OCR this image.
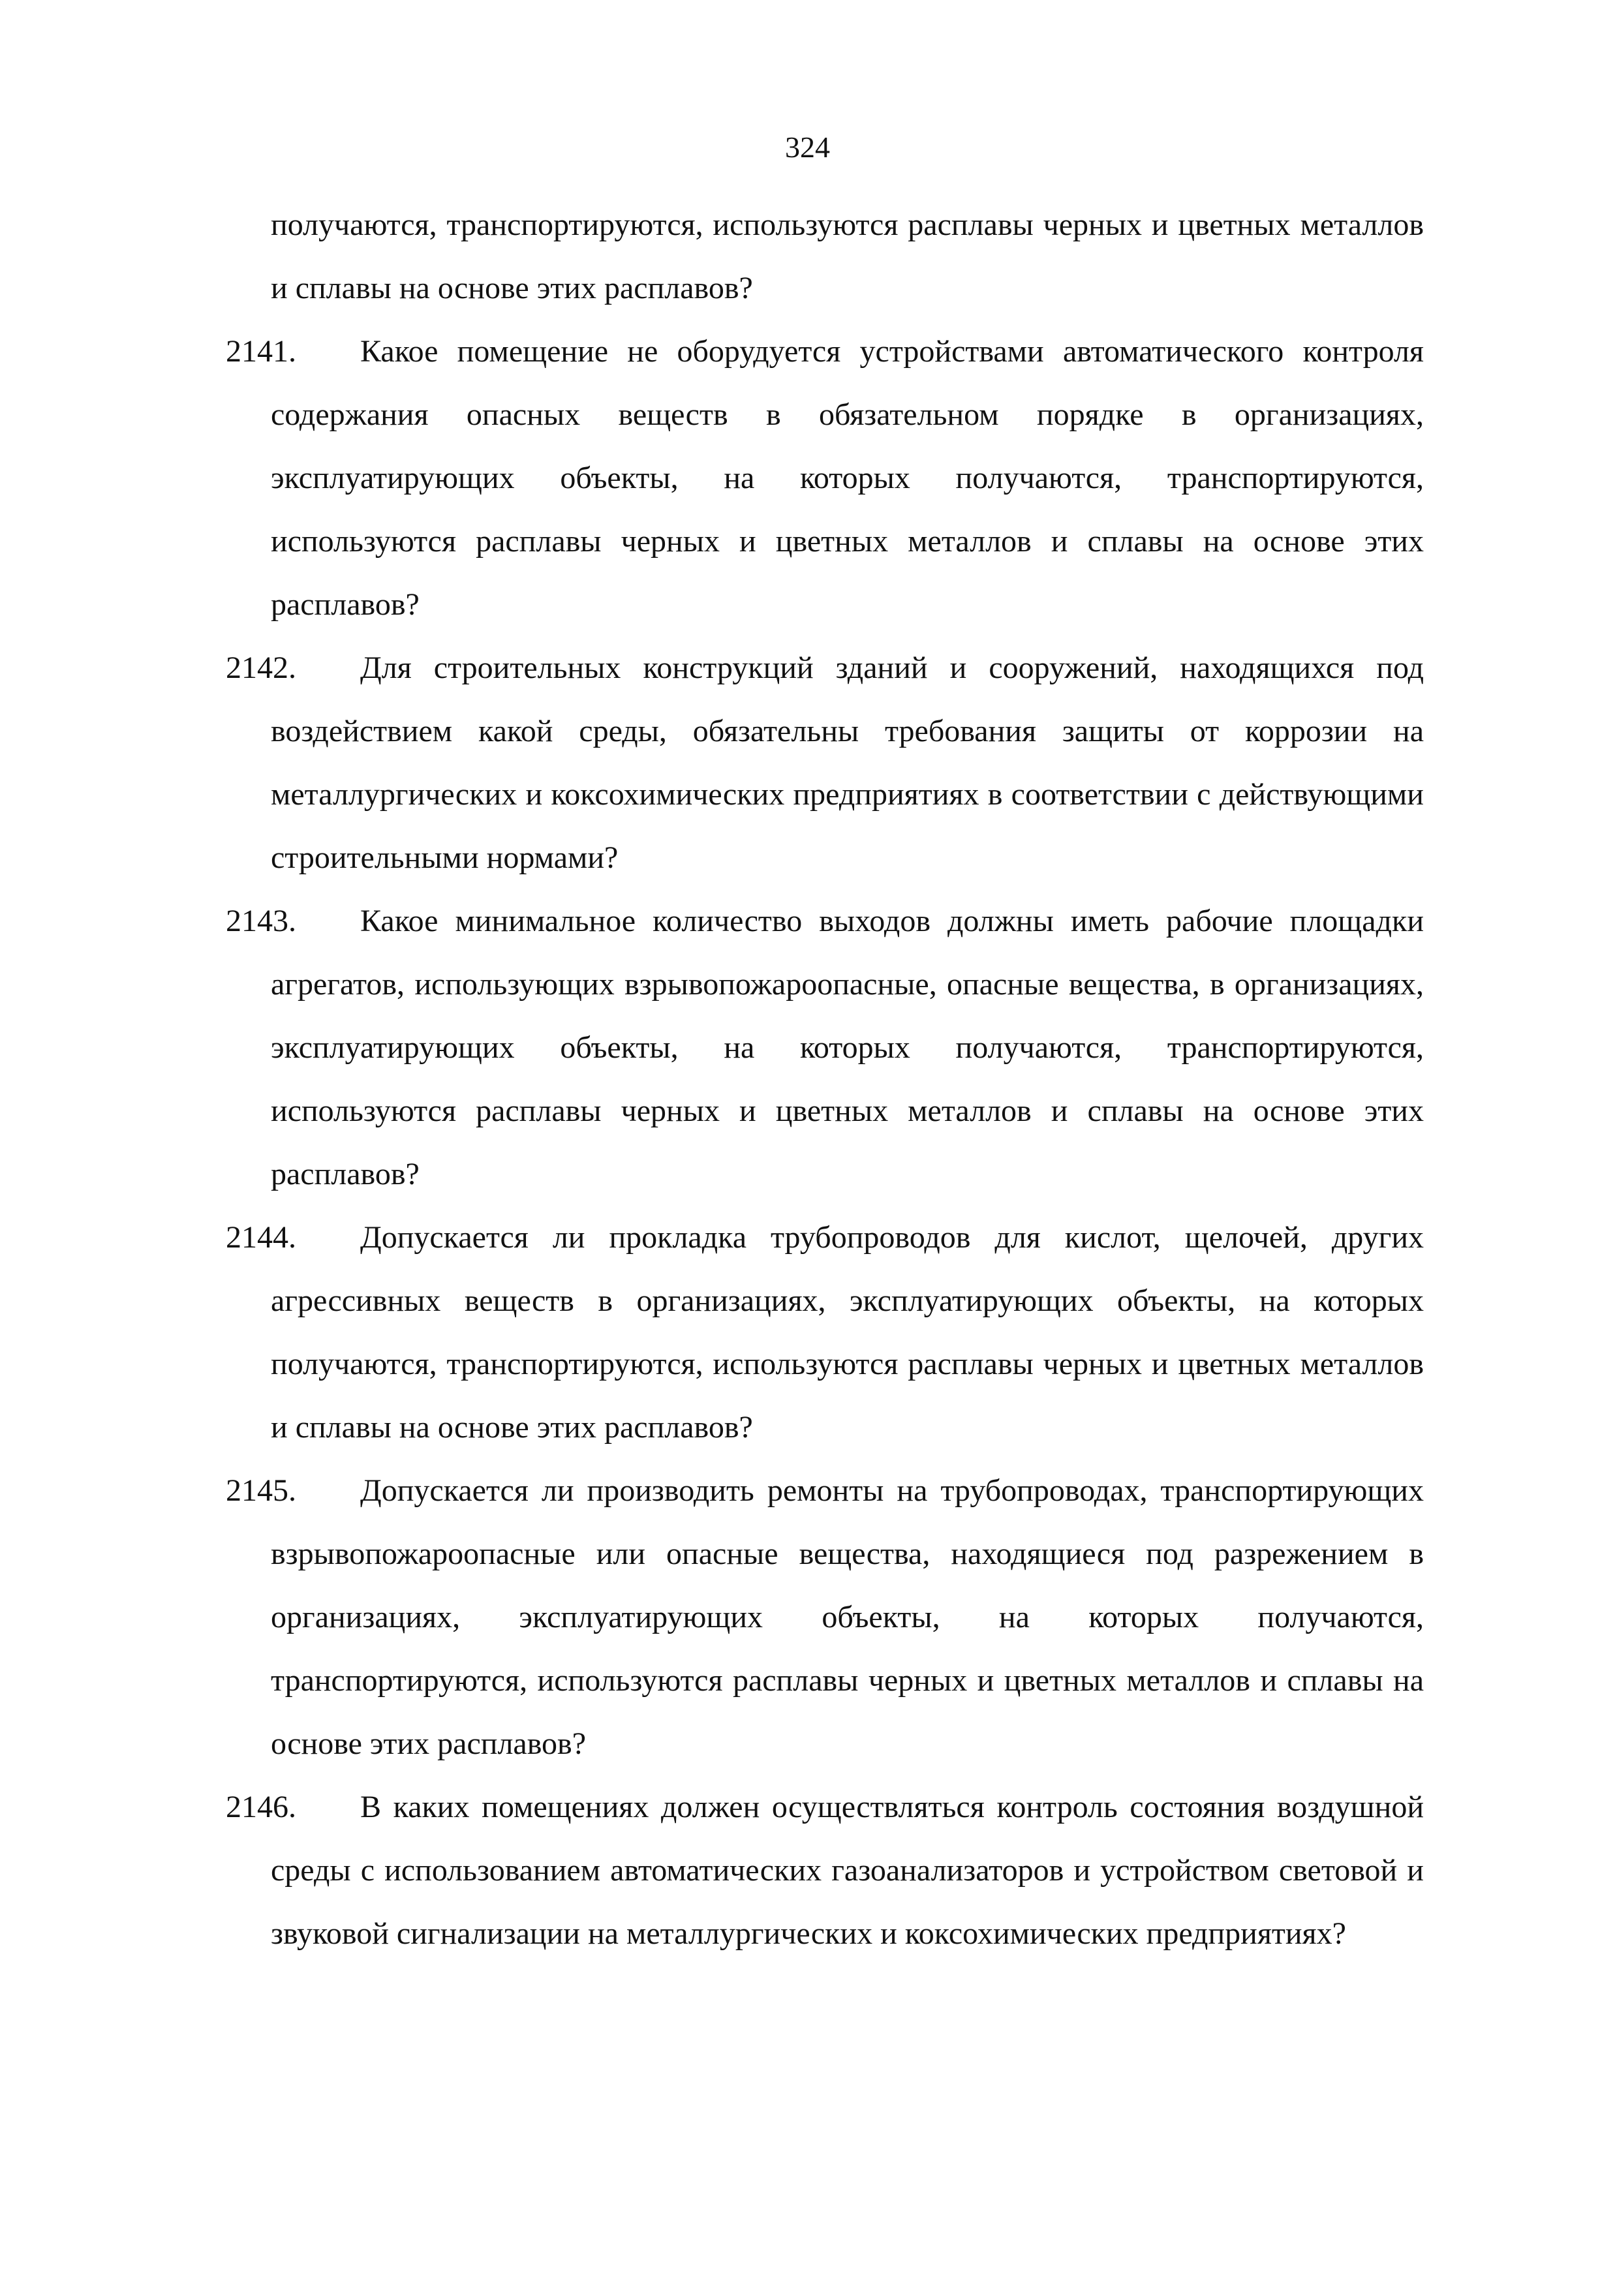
324

получаются, транспортируются, используются расплавы черных и цветных металлов и сплавы на основе этих расплавов?

2141.	Какое помещение не оборудуется устройствами автоматического контроля содержания опасных веществ в обязательном порядке в организациях, эксплуатирующих объекты, на которых получаются, транспортируются, используются расплавы черных и цветных металлов и сплавы на основе этих расплавов?

2142.	Для строительных конструкций зданий и сооружений, находящихся под воздействием какой среды, обязательны требования защиты от коррозии на металлургических и коксохимических предприятиях в соответствии с действующими строительными нормами?

2143.	Какое минимальное количество выходов должны иметь рабочие площадки агрегатов, использующих взрывопожароопасные, опасные вещества, в организациях, эксплуатирующих объекты, на которых получаются, транспортируются, используются расплавы черных и цветных металлов и сплавы на основе этих расплавов?

2144.	Допускается ли прокладка трубопроводов для кислот, щелочей, других агрессивных веществ в организациях, эксплуатирующих объекты, на которых получаются, транспортируются, используются расплавы черных и цветных металлов и сплавы на основе этих расплавов?

2145.	Допускается ли производить ремонты на трубопроводах, транспортирующих взрывопожароопасные или опасные вещества, находящиеся под разрежением в организациях, эксплуатирующих объекты, на которых получаются, транспортируются, используются расплавы черных и цветных металлов и сплавы на основе этих расплавов?

2146.	В каких помещениях должен осуществляться контроль состояния воздушной среды с использованием автоматических газоанализаторов и устройством световой и звуковой сигнализации на металлургических и коксохимических предприятиях?
